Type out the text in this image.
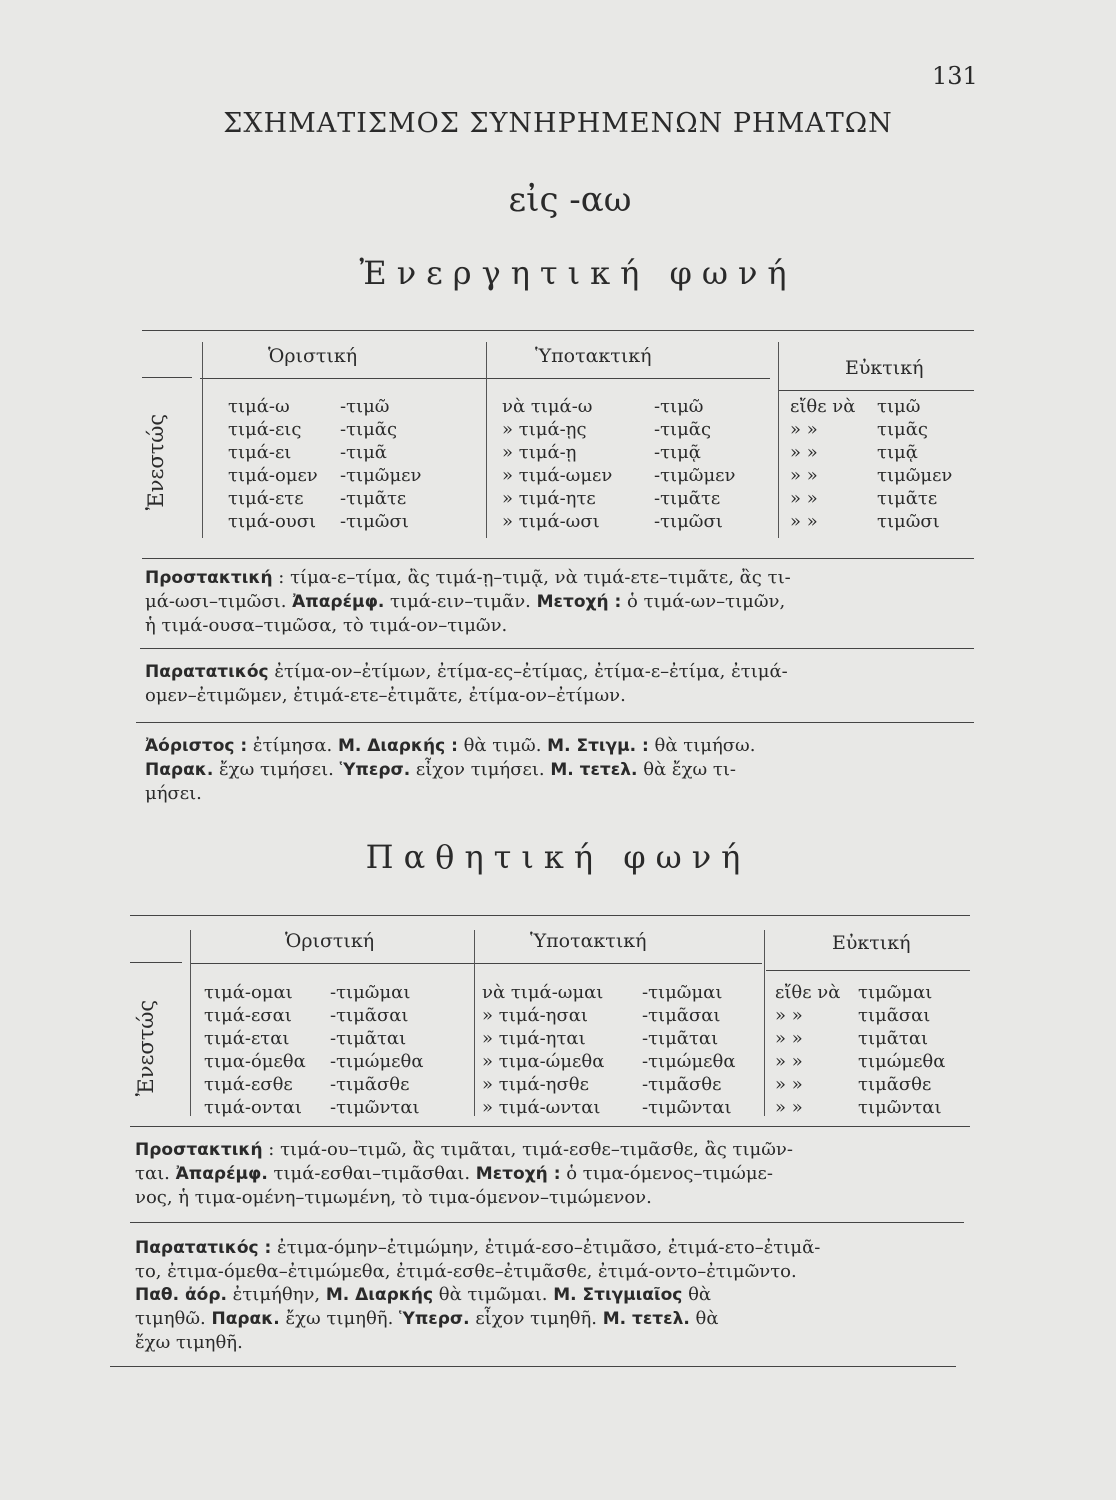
131
ΣΧΗΜΑΤΙΣΜΟΣ ΣΥΝΗΡΗΜΕΝΩΝ ΡΗΜΑΤΩΝ
εἰς -αω
Ἐνεργητική φωνή
Ὁριστική	Ὑποτακτική
Εὐκτική
Ἐνεστώς
τιμά-ω	-τιμῶ	νὰ τιμά-ω	-τιμῶ	εἴθε νὰ τιμῶ
τιμά-εις -τιμᾶς	» τιμά-ῃς	-τιμᾶς	» »	τιμᾶς
τιμά-ει	-τιμᾶ	» τιμά-ῃ	-τιμᾷ	» »	τιμᾷ
τιμά-ομεν -τιμῶμεν	» τιμά-ωμεν -τιμῶμεν	» »	τιμῶμεν
τιμά-ετε -τιμᾶτε	» τιμά-ητε	-τιμᾶτε	» »	τιμᾶτε
τιμά-ουσι -τιμῶσι	» τιμά-ωσι	-τιμῶσι	» »	τιμῶσι
Προστακτική : τίμα-ε–τίμα, ἂς τιμά-ῃ–τιμᾷ, νὰ τιμά-ετε–τιμᾶτε, ἂς τι-
μά-ωσι–τιμῶσι. Ἀπαρέμφ. τιμά-ειν–τιμᾶν. Μετοχή : ὁ τιμά-ων–τιμῶν,
ἡ τιμά-ουσα–τιμῶσα, τὸ τιμά-ον–τιμῶν.
Παρατατικός ἐτίμα-ον–ἐτίμων, ἐτίμα-ες–ἐτίμας, ἐτίμα-ε–ἐτίμα, ἐτιμά-
ομεν–ἐτιμῶμεν, ἐτιμά-ετε–ἐτιμᾶτε, ἐτίμα-ον–ἐτίμων.
Ἀόριστος : ἐτίμησα. Μ. Διαρκής : θὰ τιμῶ. Μ. Στιγμ. : θὰ τιμήσω.
Παρακ. ἔχω τιμήσει. Ὑπερσ. εἶχον τιμήσει. Μ. τετελ. θὰ ἔχω τι-
μήσει.
Παθητική φωνή
Ὁριστική	Ὑποτακτική	Εὐκτική
Ἐνεστώς
τιμά-ομαι -τιμῶμαι	νὰ τιμά-ωμαι -τιμῶμαι	εἴθε νὰ τιμῶμαι
τιμά-εσαι -τιμᾶσαι	» τιμά-ησαι	-τιμᾶσαι	» »	τιμᾶσαι
τιμά-εται -τιμᾶται	» τιμά-ηται	-τιμᾶται	» »	τιμᾶται
τιμα-όμεθα -τιμώμεθα	» τιμα-ώμεθα -τιμώμεθα » »	τιμώμεθα
τιμά-εσθε -τιμᾶσθε	» τιμά-ησθε	-τιμᾶσθε	» »	τιμᾶσθε
τιμά-ονται -τιμῶνται	» τιμά-ωνται -τιμῶνται » »	τιμῶνται
Προστακτική : τιμά-ου–τιμῶ, ἂς τιμᾶται, τιμά-εσθε–τιμᾶσθε, ἂς τιμῶν-
ται. Ἀπαρέμφ. τιμά-εσθαι–τιμᾶσθαι. Μετοχή : ὁ τιμα-όμενος–τιμώμε-
νος, ἡ τιμα-ομένη–τιμωμένη, τὸ τιμα-όμενον–τιμώμενον.
Παρατατικός : ἐτιμα-όμην–ἐτιμώμην, ἐτιμά-εσο–ἐτιμᾶσο, ἐτιμά-ετο–ἐτιμᾶ-
το, ἐτιμα-όμεθα–ἐτιμώμεθα, ἐτιμά-εσθε–ἐτιμᾶσθε, ἐτιμά-οντο–ἐτιμῶντο.
Παθ. ἀόρ. ἐτιμήθην, Μ. Διαρκής θὰ τιμῶμαι. Μ. Στιγμιαῖος θὰ
τιμηθῶ. Παρακ. ἔχω τιμηθῆ. Ὑπερσ. εἶχον τιμηθῆ. Μ. τετελ. θὰ
ἔχω τιμηθῆ.
